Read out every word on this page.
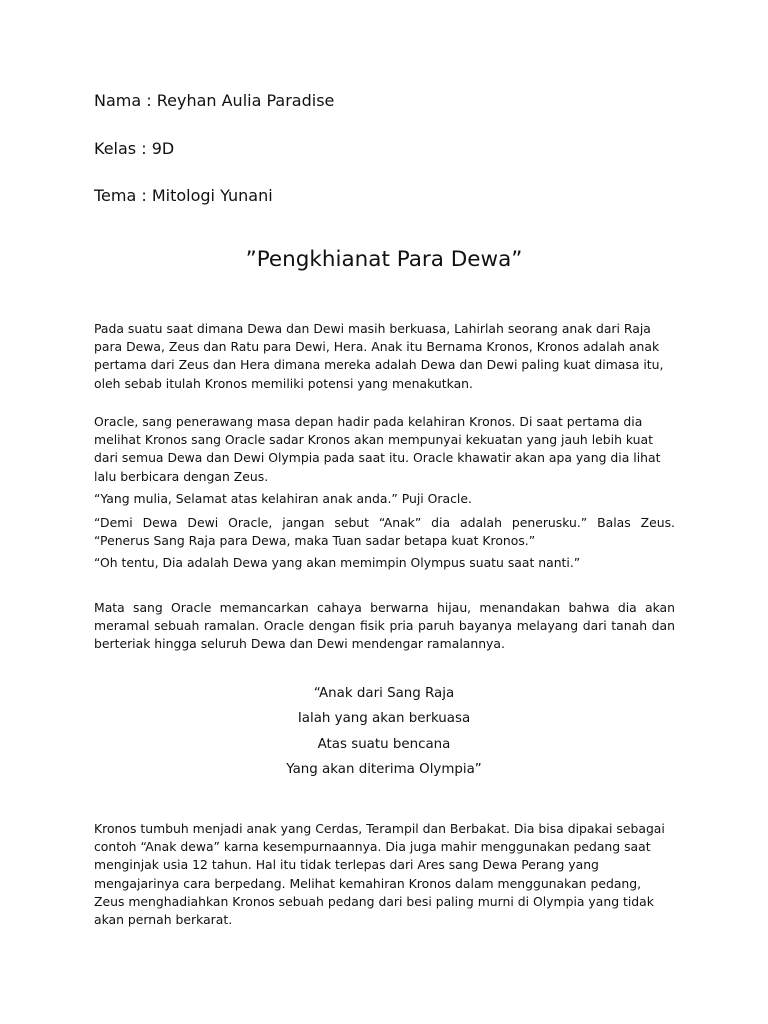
Nama : Reyhan Aulia Paradise
Kelas : 9D
Tema : Mitologi Yunani
”Pengkhianat Para Dewa”
Pada suatu saat dimana Dewa dan Dewi masih berkuasa, Lahirlah seorang anak dari Raja
para Dewa, Zeus dan Ratu para Dewi, Hera. Anak itu Bernama Kronos, Kronos adalah anak
pertama dari Zeus dan Hera dimana mereka adalah Dewa dan Dewi paling kuat dimasa itu,
oleh sebab itulah Kronos memiliki potensi yang menakutkan.
Oracle, sang penerawang masa depan hadir pada kelahiran Kronos. Di saat pertama dia
melihat Kronos sang Oracle sadar Kronos akan mempunyai kekuatan yang jauh lebih kuat
dari semua Dewa dan Dewi Olympia pada saat itu. Oracle khawatir akan apa yang dia lihat
lalu berbicara dengan Zeus.
“Yang mulia, Selamat atas kelahiran anak anda.” Puji Oracle.
“Demi Dewa Dewi Oracle, jangan sebut “Anak” dia adalah penerusku.” Balas Zeus.
“Penerus Sang Raja para Dewa, maka Tuan sadar betapa kuat Kronos.”
“Oh tentu, Dia adalah Dewa yang akan memimpin Olympus suatu saat nanti.”
Mata sang Oracle memancarkan cahaya berwarna hijau, menandakan bahwa dia akan
meramal sebuah ramalan. Oracle dengan fisik pria paruh bayanya melayang dari tanah dan
berteriak hingga seluruh Dewa dan Dewi mendengar ramalannya.
“Anak dari Sang Raja
Ialah yang akan berkuasa
Atas suatu bencana
Yang akan diterima Olympia”
Kronos tumbuh menjadi anak yang Cerdas, Terampil dan Berbakat. Dia bisa dipakai sebagai
contoh “Anak dewa” karna kesempurnaannya. Dia juga mahir menggunakan pedang saat
menginjak usia 12 tahun. Hal itu tidak terlepas dari Ares sang Dewa Perang yang
mengajarinya cara berpedang. Melihat kemahiran Kronos dalam menggunakan pedang,
Zeus menghadiahkan Kronos sebuah pedang dari besi paling murni di Olympia yang tidak
akan pernah berkarat.
